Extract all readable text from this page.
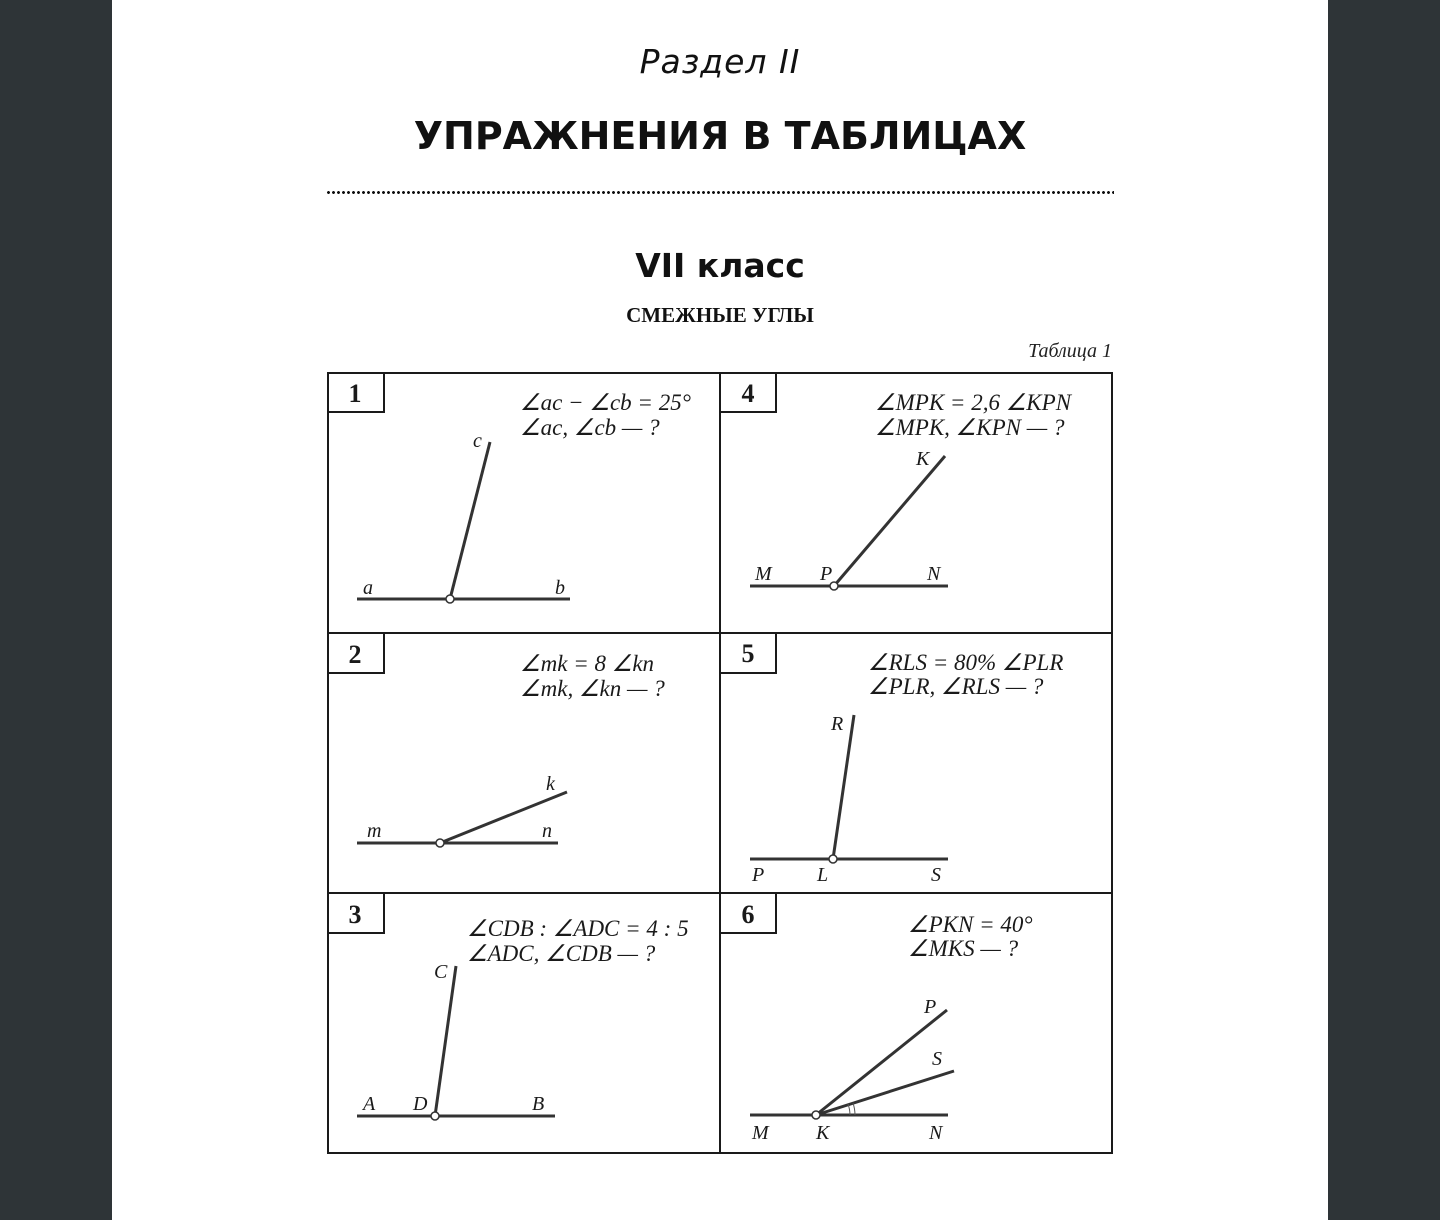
Раздел II
УПРАЖНЕНИЯ В ТАБЛИЦАХ
VII класс
СМЕЖНЫЕ УГЛЫ
Таблица 1
1	∠ac − ∠cb = 25°
∠ac, ∠cb — ?
c
a	b
2	∠mk = 8 ∠kn
∠mk, ∠kn — ?
k
m	n
3	∠CDB : ∠ADC = 4 : 5
∠ADC, ∠CDB — ?
C
A D	B
4	∠MPK = 2,6 ∠KPN
∠MPK, ∠KPN — ?
K
M P	N
5	∠RLS = 80% ∠PLR
∠PLR, ∠RLS — ?
R
P	L	S
6	∠PKN = 40°
∠MKS — ?
P
S
M K	N
